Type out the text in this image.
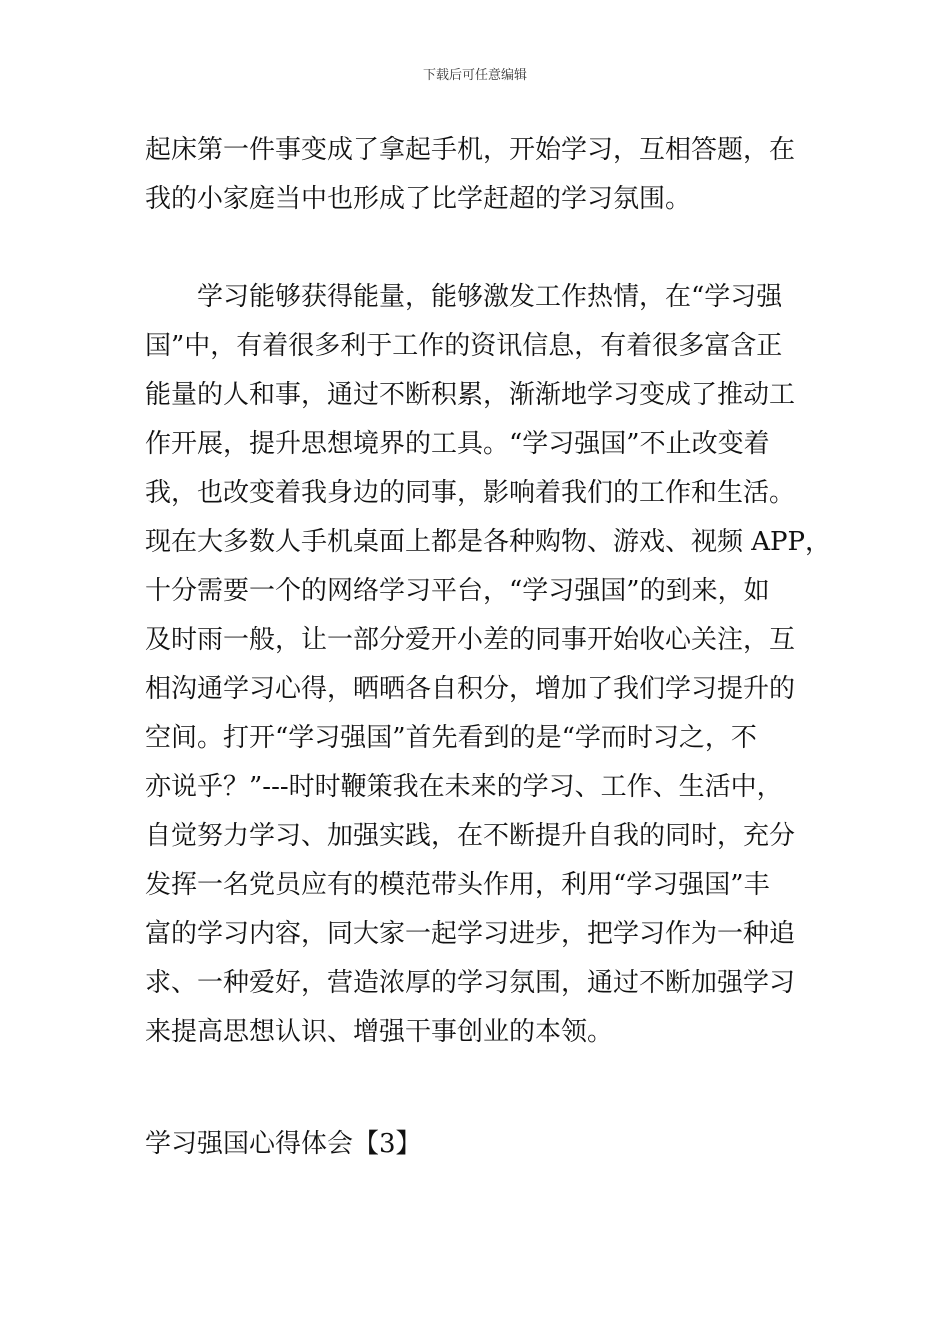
下载后可任意编辑
起床第一件事变成了拿起手机，开始学习，互相答题，在
我的小家庭当中也形成了比学赶超的学习氛围。
学习能够获得能量，能够激发工作热情，在“学习强
国”中，有着很多利于工作的资讯信息，有着很多富含正
能量的人和事，通过不断积累，渐渐地学习变成了推动工
作开展，提升思想境界的工具。“学习强国”不止改变着
我，也改变着我身边的同事，影响着我们的工作和生活。
现在大多数人手机桌面上都是各种购物、游戏、视频 APP，
十分需要一个的网络学习平台，“学习强国”的到来，如
及时雨一般，让一部分爱开小差的同事开始收心关注，互
相沟通学习心得，晒晒各自积分，增加了我们学习提升的
空间。打开“学习强国”首先看到的是“学而时习之，不
亦说乎？”---时时鞭策我在未来的学习、工作、生活中，
自觉努力学习、加强实践，在不断提升自我的同时，充分
发挥一名党员应有的模范带头作用，利用“学习强国”丰
富的学习内容，同大家一起学习进步，把学习作为一种追
求、一种爱好，营造浓厚的学习氛围，通过不断加强学习
来提高思想认识、增强干事创业的本领。
学习强国心得体会【3】
